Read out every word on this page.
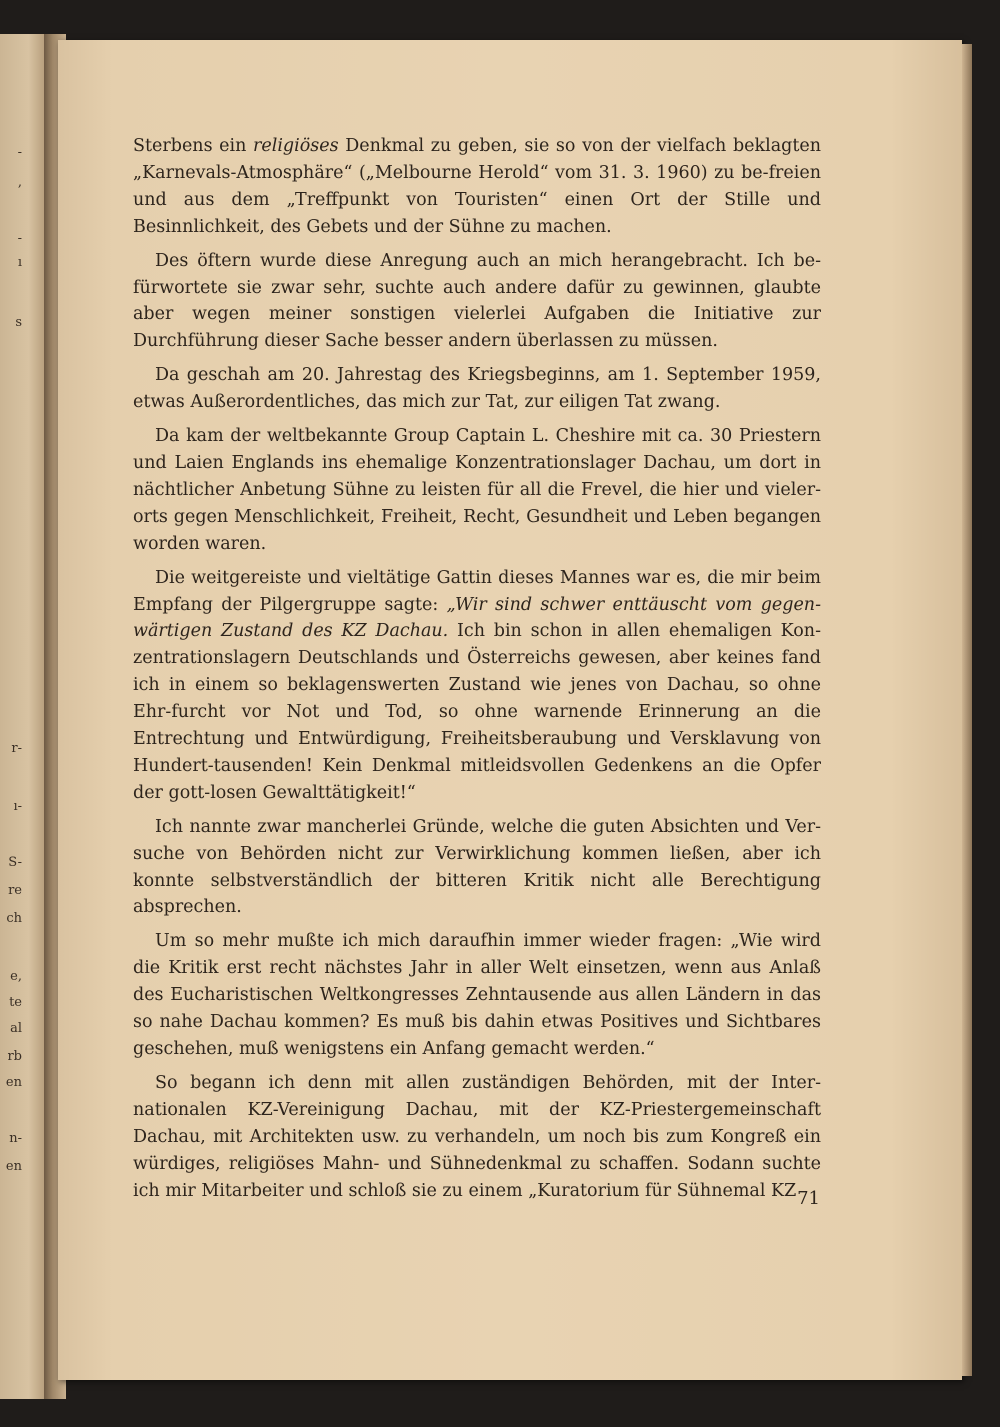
-
,
-
ı
s
r-
ı-
S-
re
ch
e,
te
al
rb
en
n-
en

Sterbens ein religiöses Denkmal zu geben, sie so von der vielfach beklagten „Karnevals-Atmosphäre“ („Melbourne Herold“ vom 31. 3. 1960) zu be-freien und aus dem „Treffpunkt von Touristen“ einen Ort der Stille und Besinnlichkeit, des Gebets und der Sühne zu machen.

Des öftern wurde diese Anregung auch an mich herangebracht. Ich be-fürwortete sie zwar sehr, suchte auch andere dafür zu gewinnen, glaubte aber wegen meiner sonstigen vielerlei Aufgaben die Initiative zur Durchführung dieser Sache besser andern überlassen zu müssen.

Da geschah am 20. Jahrestag des Kriegsbeginns, am 1. September 1959, etwas Außerordentliches, das mich zur Tat, zur eiligen Tat zwang.

Da kam der weltbekannte Group Captain L. Cheshire mit ca. 30 Priestern und Laien Englands ins ehemalige Konzentrationslager Dachau, um dort in nächtlicher Anbetung Sühne zu leisten für all die Frevel, die hier und vieler-orts gegen Menschlichkeit, Freiheit, Recht, Gesundheit und Leben begangen worden waren.

Die weitgereiste und vieltätige Gattin dieses Mannes war es, die mir beim Empfang der Pilgergruppe sagte: „Wir sind schwer enttäuscht vom gegen-wärtigen Zustand des KZ Dachau. Ich bin schon in allen ehemaligen Kon-zentrationslagern Deutschlands und Österreichs gewesen, aber keines fand ich in einem so beklagenswerten Zustand wie jenes von Dachau, so ohne Ehr-furcht vor Not und Tod, so ohne warnende Erinnerung an die Entrechtung und Entwürdigung, Freiheitsberaubung und Versklavung von Hundert-tausenden! Kein Denkmal mitleidsvollen Gedenkens an die Opfer der gott-losen Gewalttätigkeit!“

Ich nannte zwar mancherlei Gründe, welche die guten Absichten und Ver-suche von Behörden nicht zur Verwirklichung kommen ließen, aber ich konnte selbstverständlich der bitteren Kritik nicht alle Berechtigung absprechen.

Um so mehr mußte ich mich daraufhin immer wieder fragen: „Wie wird die Kritik erst recht nächstes Jahr in aller Welt einsetzen, wenn aus Anlaß des Eucharistischen Weltkongresses Zehntausende aus allen Ländern in das so nahe Dachau kommen? Es muß bis dahin etwas Positives und Sichtbares geschehen, muß wenigstens ein Anfang gemacht werden.“

So begann ich denn mit allen zuständigen Behörden, mit der Inter-nationalen KZ-Vereinigung Dachau, mit der KZ-Priestergemeinschaft Dachau, mit Architekten usw. zu verhandeln, um noch bis zum Kongreß ein würdiges, religiöses Mahn- und Sühnedenkmal zu schaffen. Sodann suchte ich mir Mitarbeiter und schloß sie zu einem „Kuratorium für Sühnemal KZ 71
